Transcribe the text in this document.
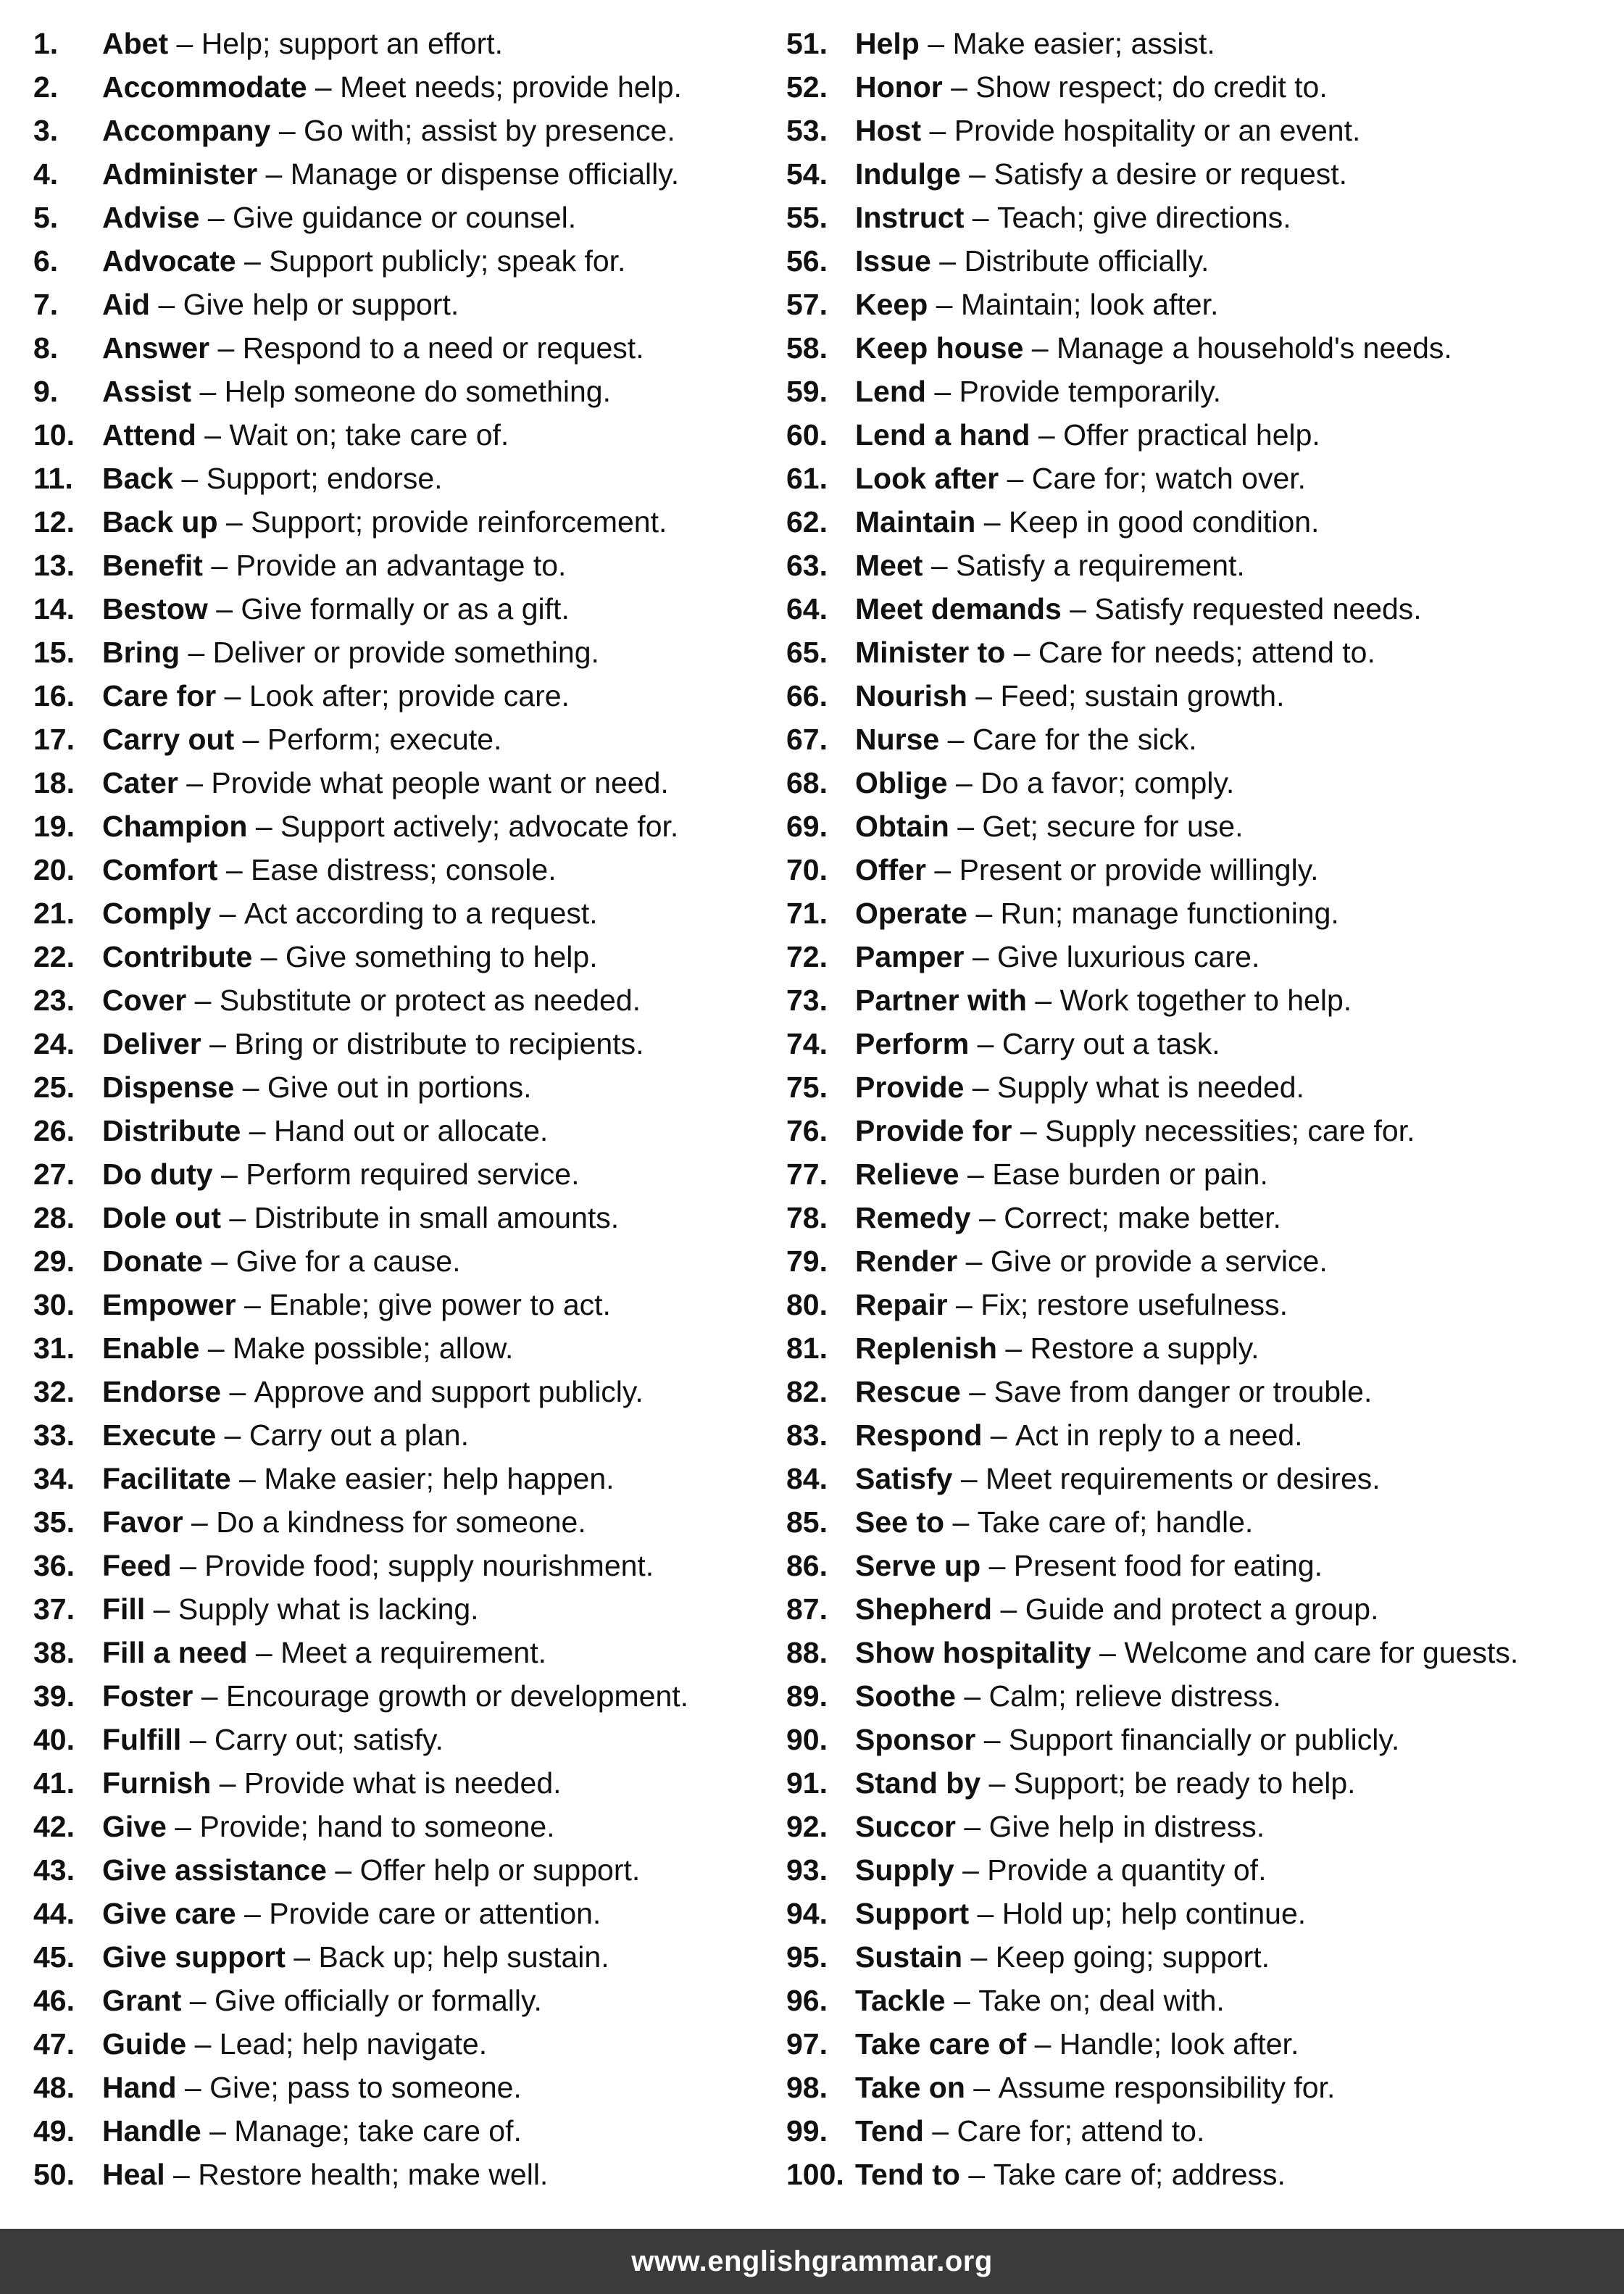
1.	Abet – Help; support an effort.
2.	Accommodate – Meet needs; provide help.
3.	Accompany – Go with; assist by presence.
4.	Administer – Manage or dispense officially.
5.	Advise – Give guidance or counsel.
6.	Advocate – Support publicly; speak for.
7.	Aid – Give help or support.
8.	Answer – Respond to a need or request.
9.	Assist – Help someone do something.
10. Attend – Wait on; take care of.
11. Back – Support; endorse.
12. Back up – Support; provide reinforcement.
13. Benefit – Provide an advantage to.
14. Bestow – Give formally or as a gift.
15. Bring – Deliver or provide something.
16. Care for – Look after; provide care.
17. Carry out – Perform; execute.
18. Cater – Provide what people want or need.
19. Champion – Support actively; advocate for.
20. Comfort – Ease distress; console.
21. Comply – Act according to a request.
22. Contribute – Give something to help.
23. Cover – Substitute or protect as needed.
24. Deliver – Bring or distribute to recipients.
25. Dispense – Give out in portions.
26. Distribute – Hand out or allocate.
27. Do duty – Perform required service.
28. Dole out – Distribute in small amounts.
29. Donate – Give for a cause.
30. Empower – Enable; give power to act.
31. Enable – Make possible; allow.
32. Endorse – Approve and support publicly.
33. Execute – Carry out a plan.
34. Facilitate – Make easier; help happen.
35. Favor – Do a kindness for someone.
36. Feed – Provide food; supply nourishment.
37. Fill – Supply what is lacking.
38. Fill a need – Meet a requirement.
39. Foster – Encourage growth or development.
40. Fulfill – Carry out; satisfy.
41. Furnish – Provide what is needed.
42. Give – Provide; hand to someone.
43. Give assistance – Offer help or support.
44. Give care – Provide care or attention.
45. Give support – Back up; help sustain.
46. Grant – Give officially or formally.
47. Guide – Lead; help navigate.
48. Hand – Give; pass to someone.
49. Handle – Manage; take care of.
50. Heal – Restore health; make well.
51. Help – Make easier; assist.
52. Honor – Show respect; do credit to.
53. Host – Provide hospitality or an event.
54. Indulge – Satisfy a desire or request.
55. Instruct – Teach; give directions.
56. Issue – Distribute officially.
57. Keep – Maintain; look after.
58. Keep house – Manage a household's needs.
59. Lend – Provide temporarily.
60. Lend a hand – Offer practical help.
61. Look after – Care for; watch over.
62. Maintain – Keep in good condition.
63. Meet – Satisfy a requirement.
64. Meet demands – Satisfy requested needs.
65. Minister to – Care for needs; attend to.
66. Nourish – Feed; sustain growth.
67. Nurse – Care for the sick.
68. Oblige – Do a favor; comply.
69. Obtain – Get; secure for use.
70. Offer – Present or provide willingly.
71. Operate – Run; manage functioning.
72. Pamper – Give luxurious care.
73. Partner with – Work together to help.
74. Perform – Carry out a task.
75. Provide – Supply what is needed.
76. Provide for – Supply necessities; care for.
77. Relieve – Ease burden or pain.
78. Remedy – Correct; make better.
79. Render – Give or provide a service.
80. Repair – Fix; restore usefulness.
81. Replenish – Restore a supply.
82. Rescue – Save from danger or trouble.
83. Respond – Act in reply to a need.
84. Satisfy – Meet requirements or desires.
85. See to – Take care of; handle.
86. Serve up – Present food for eating.
87. Shepherd – Guide and protect a group.
88. Show hospitality – Welcome and care for guests.
89. Soothe – Calm; relieve distress.
90. Sponsor – Support financially or publicly.
91. Stand by – Support; be ready to help.
92. Succor – Give help in distress.
93. Supply – Provide a quantity of.
94. Support – Hold up; help continue.
95. Sustain – Keep going; support.
96. Tackle – Take on; deal with.
97. Take care of – Handle; look after.
98. Take on – Assume responsibility for.
99. Tend – Care for; attend to.
100. Tend to – Take care of; address.
www.englishgrammar.org
